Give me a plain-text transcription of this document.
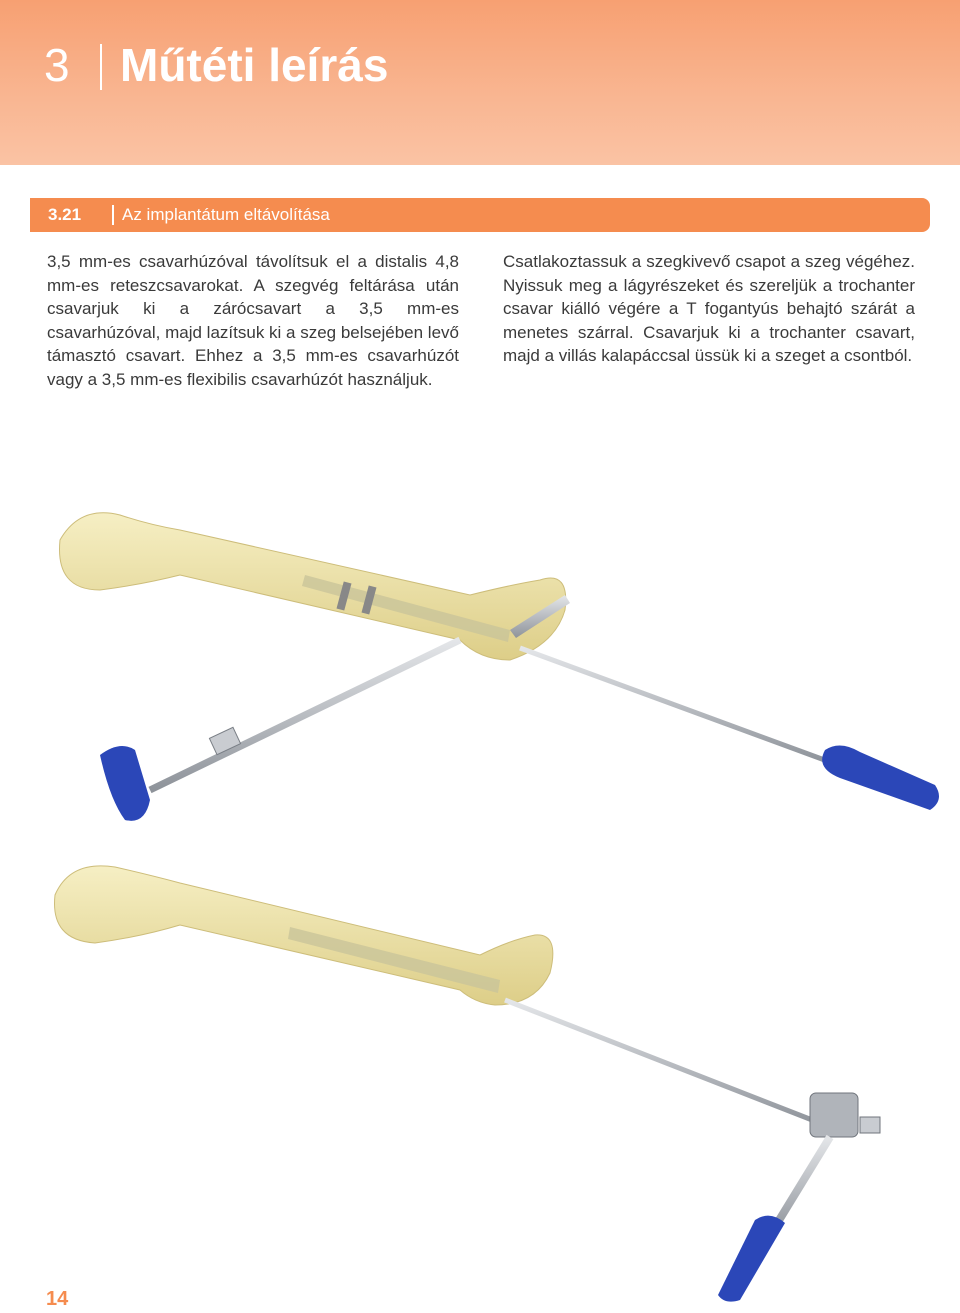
3 Műtéti leírás
3.21 Az implantátum eltávolítása
3,5 mm-es csavarhúzóval távolítsuk el a distalis 4,8 mm-es reteszcsavarokat. A szegvég feltárása után csavarjuk ki a zárócsavart a 3,5 mm-es csavarhúzóval, majd lazítsuk ki a szeg belsejében levő támasztó csavart. Ehhez a 3,5 mm-es csavarhúzót vagy a 3,5 mm-es flexibilis csavarhúzót használjuk.
Csatlakoztassuk a szegkivevő csapot a szeg végéhez. Nyissuk meg a lágyrészeket és szereljük a trochanter csavar kiálló végére a T fogantyús behajtó szárát a menetes szárral. Csavarjuk ki a trochanter csavart, majd a villás kalapáccsal üssük ki a szeget a csontból.
14
